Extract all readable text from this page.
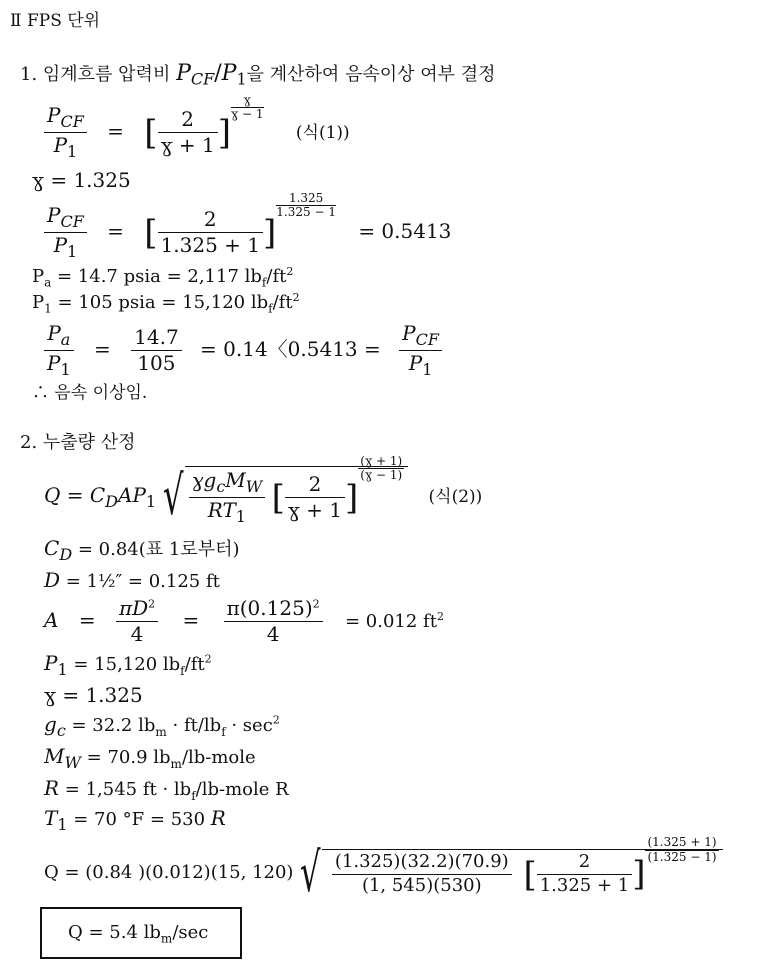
Ⅱ FPS 단위
1. 임계흐름 압력비 $P_{CF}/P_1$을 계산하여 음속이상 여부 결정
$\frac{P_{CF}}{P_1}$ = [ $\frac{2}{\text{ɣ + 1}}$ ]
$\frac{\text{ɣ}}{\text{ɣ − 1}}$
(식(1))
ɣ = 1.325
$\frac{P_{CF}}{P_1}$ = [ $\frac{2}{1.325 + 1}$ ]
$\frac{1.325}{1.325 - 1}$
= 0.5413
$P_a = 14.7$ psia = 2,117 $lb_f/ft^2$
$P_1 = 105$ psia = 15,120 $lb_f/ft^2$
$\frac{P_a}{P_1} = \frac{14.7}{105} = 0.14$〈$0.5413 = \frac{P_{CF}}{P_1}$
∴ 음속 이상임.
2. 누출량 산정
$Q = C_DAP_1$ √ $\frac{ɣg_cM_W}{RT_1}$ [ $\frac{2}{\text{ɣ + 1}}$ ]
$\frac{\text{(ɣ + 1)}}{\text{(ɣ − 1)}}$
(식(2))
$C_D = 0.84$(표 1로부터)
D = 1½″ = 0.125 ft
$A = \frac{\pi D^2}{4} = \frac{\pi(0.125)^2}{4} = 0.012$ $ft^2$
$P_1 = 15,120$ $lb_f/ft^2$
ɣ = 1.325
$g_c = 32.2$ $lb_m \cdot ft/lb_f \cdot \sec^2$
$M_W = 70.9$ $lb_m/lb$-mole
R = 1,545 ft · $lb_f/lb$-mole R
$T_1 = 70$ °F = 530 R
Q = (0.84 )(0.012)(15, 120) √ $\frac{(1.325)(32.2)(70.9)}{(1, 545)(530)}$ [ $\frac{2}{1.325 + 1}$ ]
$\frac{(1.325 + 1)}{(1.325 - 1)}$
Q = 5.4 $lb_m/\sec$
